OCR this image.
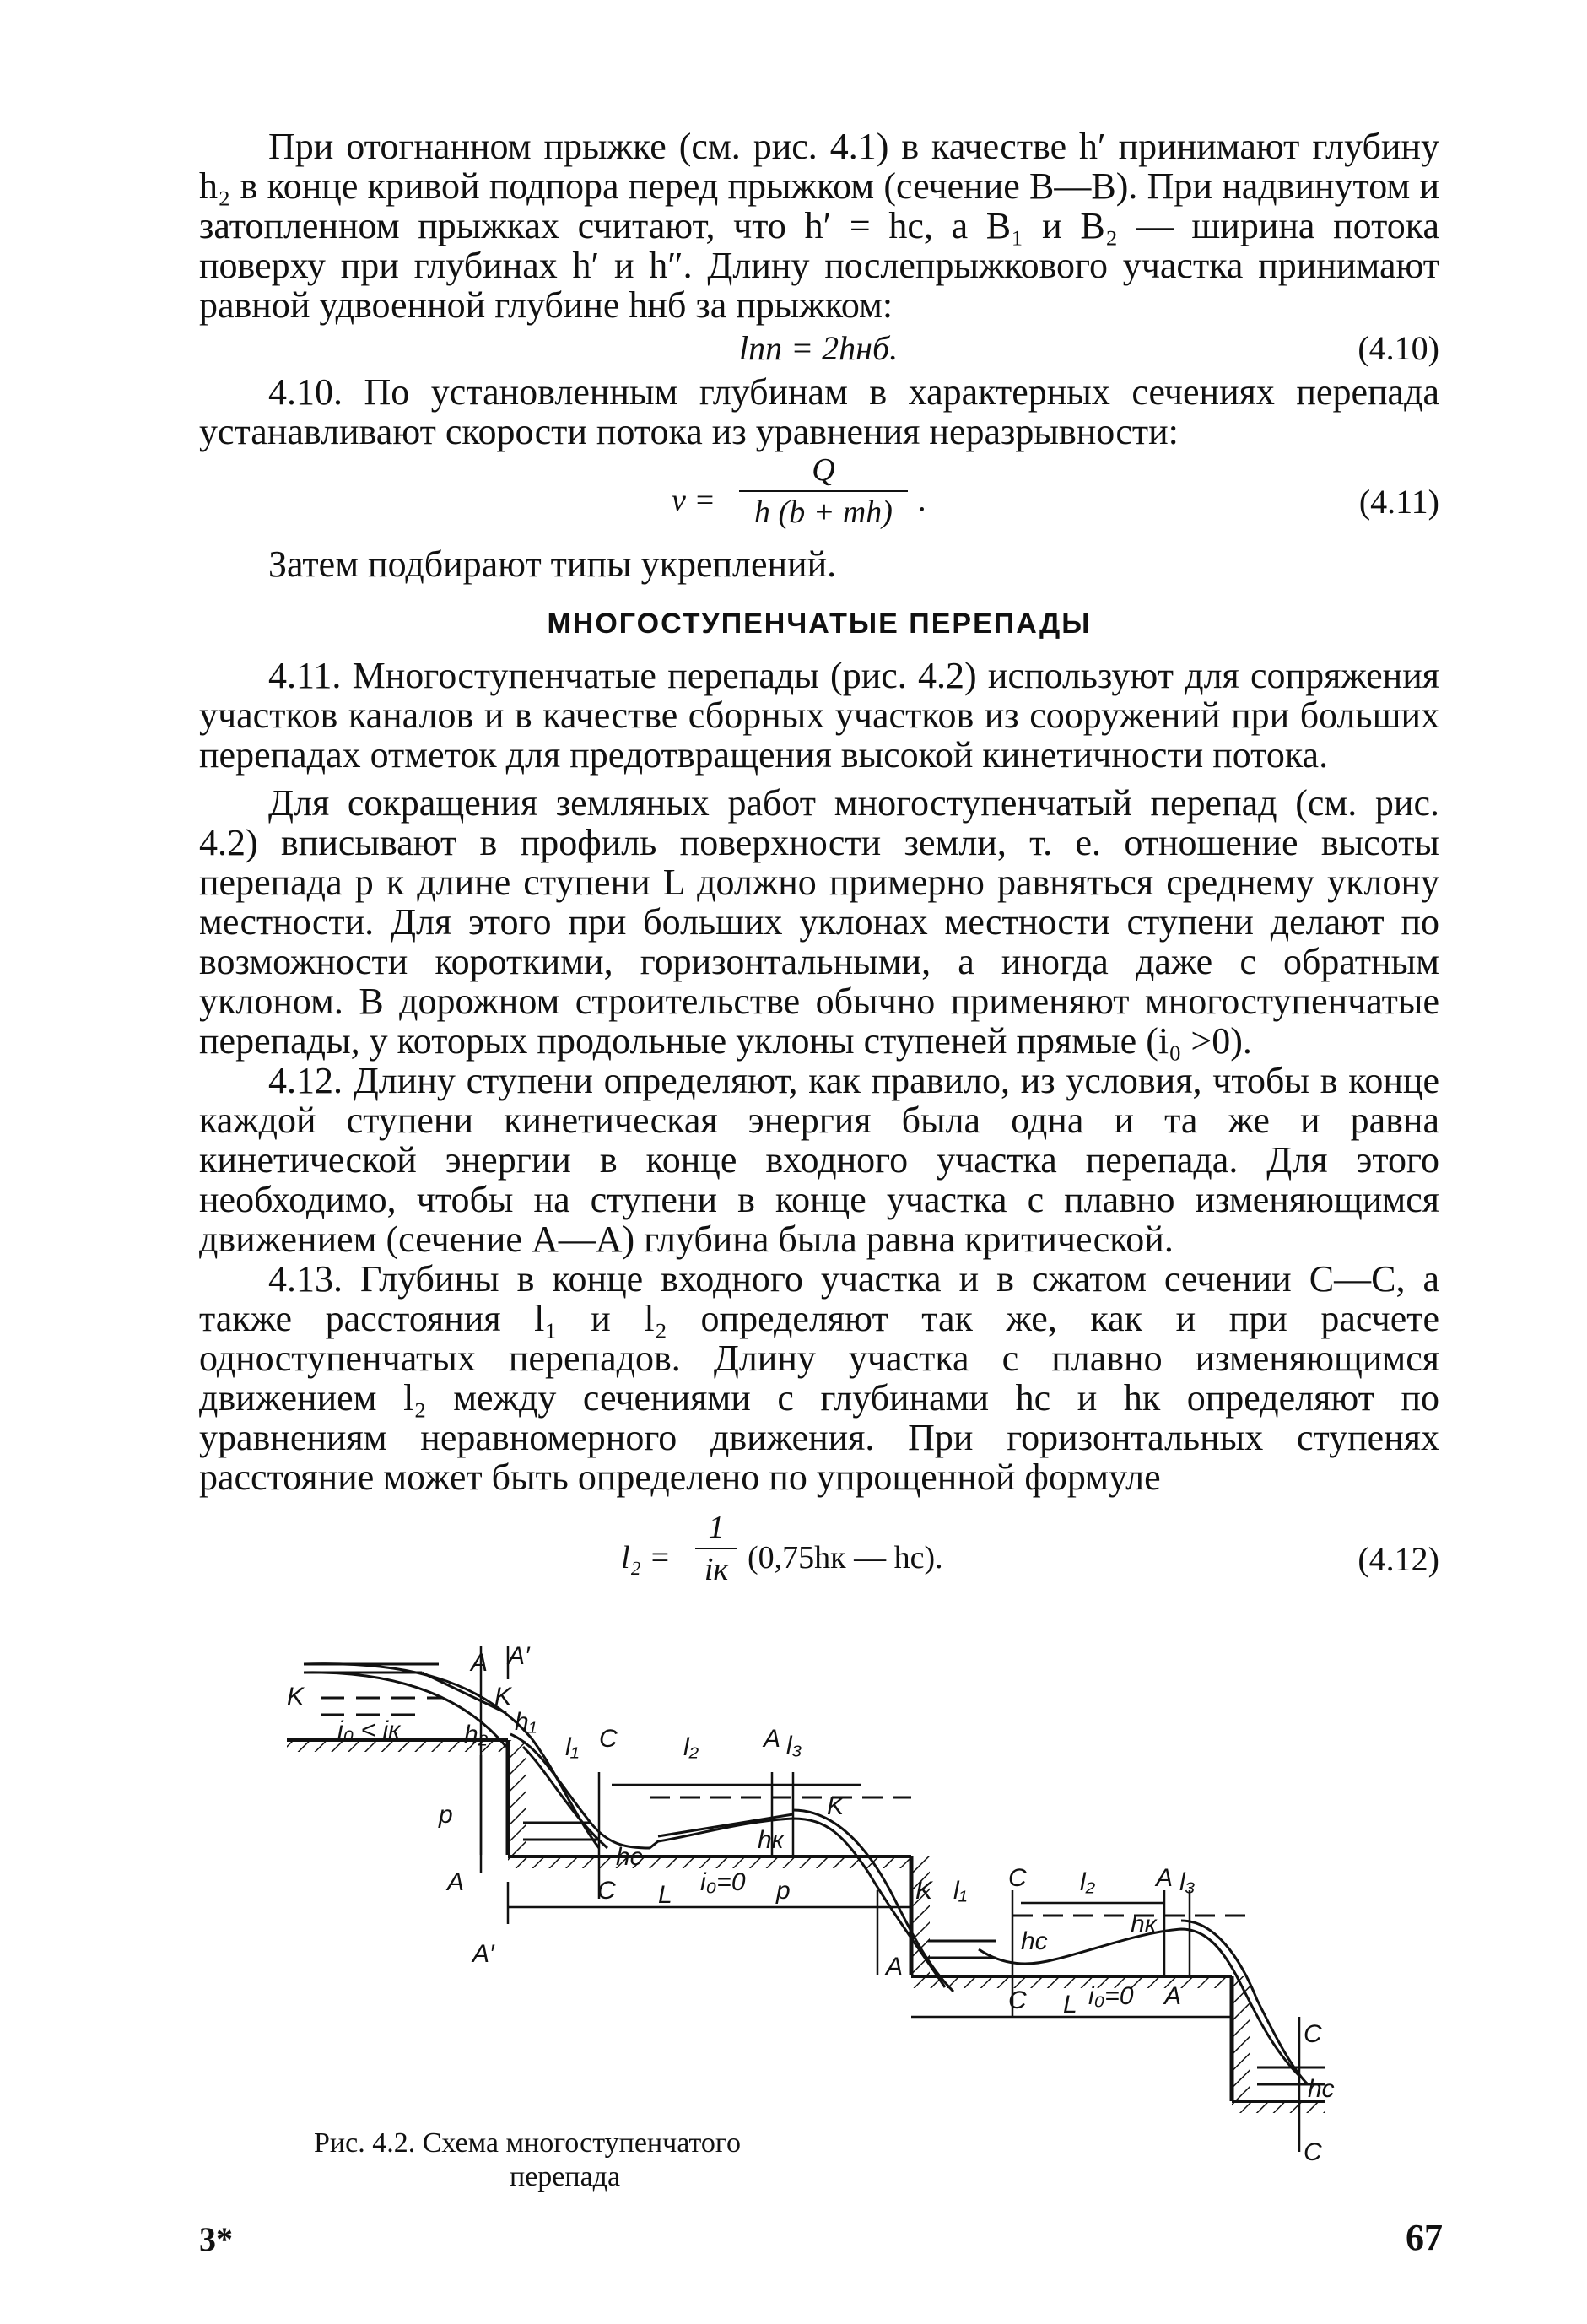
При отогнанном прыжке (см. рис. 4.1) в качестве h′ принимают глубину h₂ в конце кривой подпора перед прыжком (сечение B—B). При надвинутом и затопленном прыжках считают, что h′ = hc, а B₁ и B₂ — ширина потока поверху при глубинах h′ и h″. Длину послепрыжкового участка принимают равной удвоенной глубине hнб за прыжком:

lпп = 2hнб.	(4.10)

4.10. По установленным глубинам в характерных сечениях перепада устанавливают скорости потока из уравнения неразрывности:

$v = \frac{Q}{h (b + mh)}$ .	(4.11)

Затем подбирают типы укреплений.

МНОГОСТУПЕНЧАТЫЕ ПЕРЕПАДЫ

4.11. Многоступенчатые перепады (рис. 4.2) используют для сопряжения участков каналов и в качестве сборных участков из сооружений при больших перепадах отметок для предотвращения высокой кинетичности потока.

Для сокращения земляных работ многоступенчатый перепад (см. рис. 4.2) вписывают в профиль поверхности земли, т. е. отношение высоты перепада p к длине ступени L должно примерно равняться среднему уклону местности. Для этого при больших уклонах местности ступени делают по возможности короткими, горизонтальными, а иногда даже с обратным уклоном. В дорожном строительстве обычно применяют многоступенчатые перепады, у которых продольные уклоны ступеней прямые (i₀ >0).

4.12. Длину ступени определяют, как правило, из условия, чтобы в конце каждой ступени кинетическая энергия была одна и та же и равна кинетической энергии в конце входного участка перепада. Для этого необходимо, чтобы на ступени в конце участка с плавно изменяющимся движением (сечение A—A) глубина была равна критической.

4.13. Глубины в конце входного участка и в сжатом сечении C—C, а также расстояния l₁ и l₂ определяют так же, как и при расчете одноступенчатых перепадов. Длину участка с плавно изменяющимся движением l₂ между сечениями с глубинами hc и hк определяют по уравнениям неравномерного движения. При горизонтальных ступенях расстояние может быть определено по упрощенной формуле

l₂ =
1
iк (0,75hк — hc).	(4.12)
A A′
K	K
h₁
h₂
i₀ < iк
l₁ C	l₂	A l₃
K
p
hc
hк
A	C L i₀=0 p
A′
K l₁ C l₂ A l₃
hc
hк
A
C L i₀=0 A
C
hc
C
Рис. 4.2. Схема многоступенчатого
перепада
3*	67
